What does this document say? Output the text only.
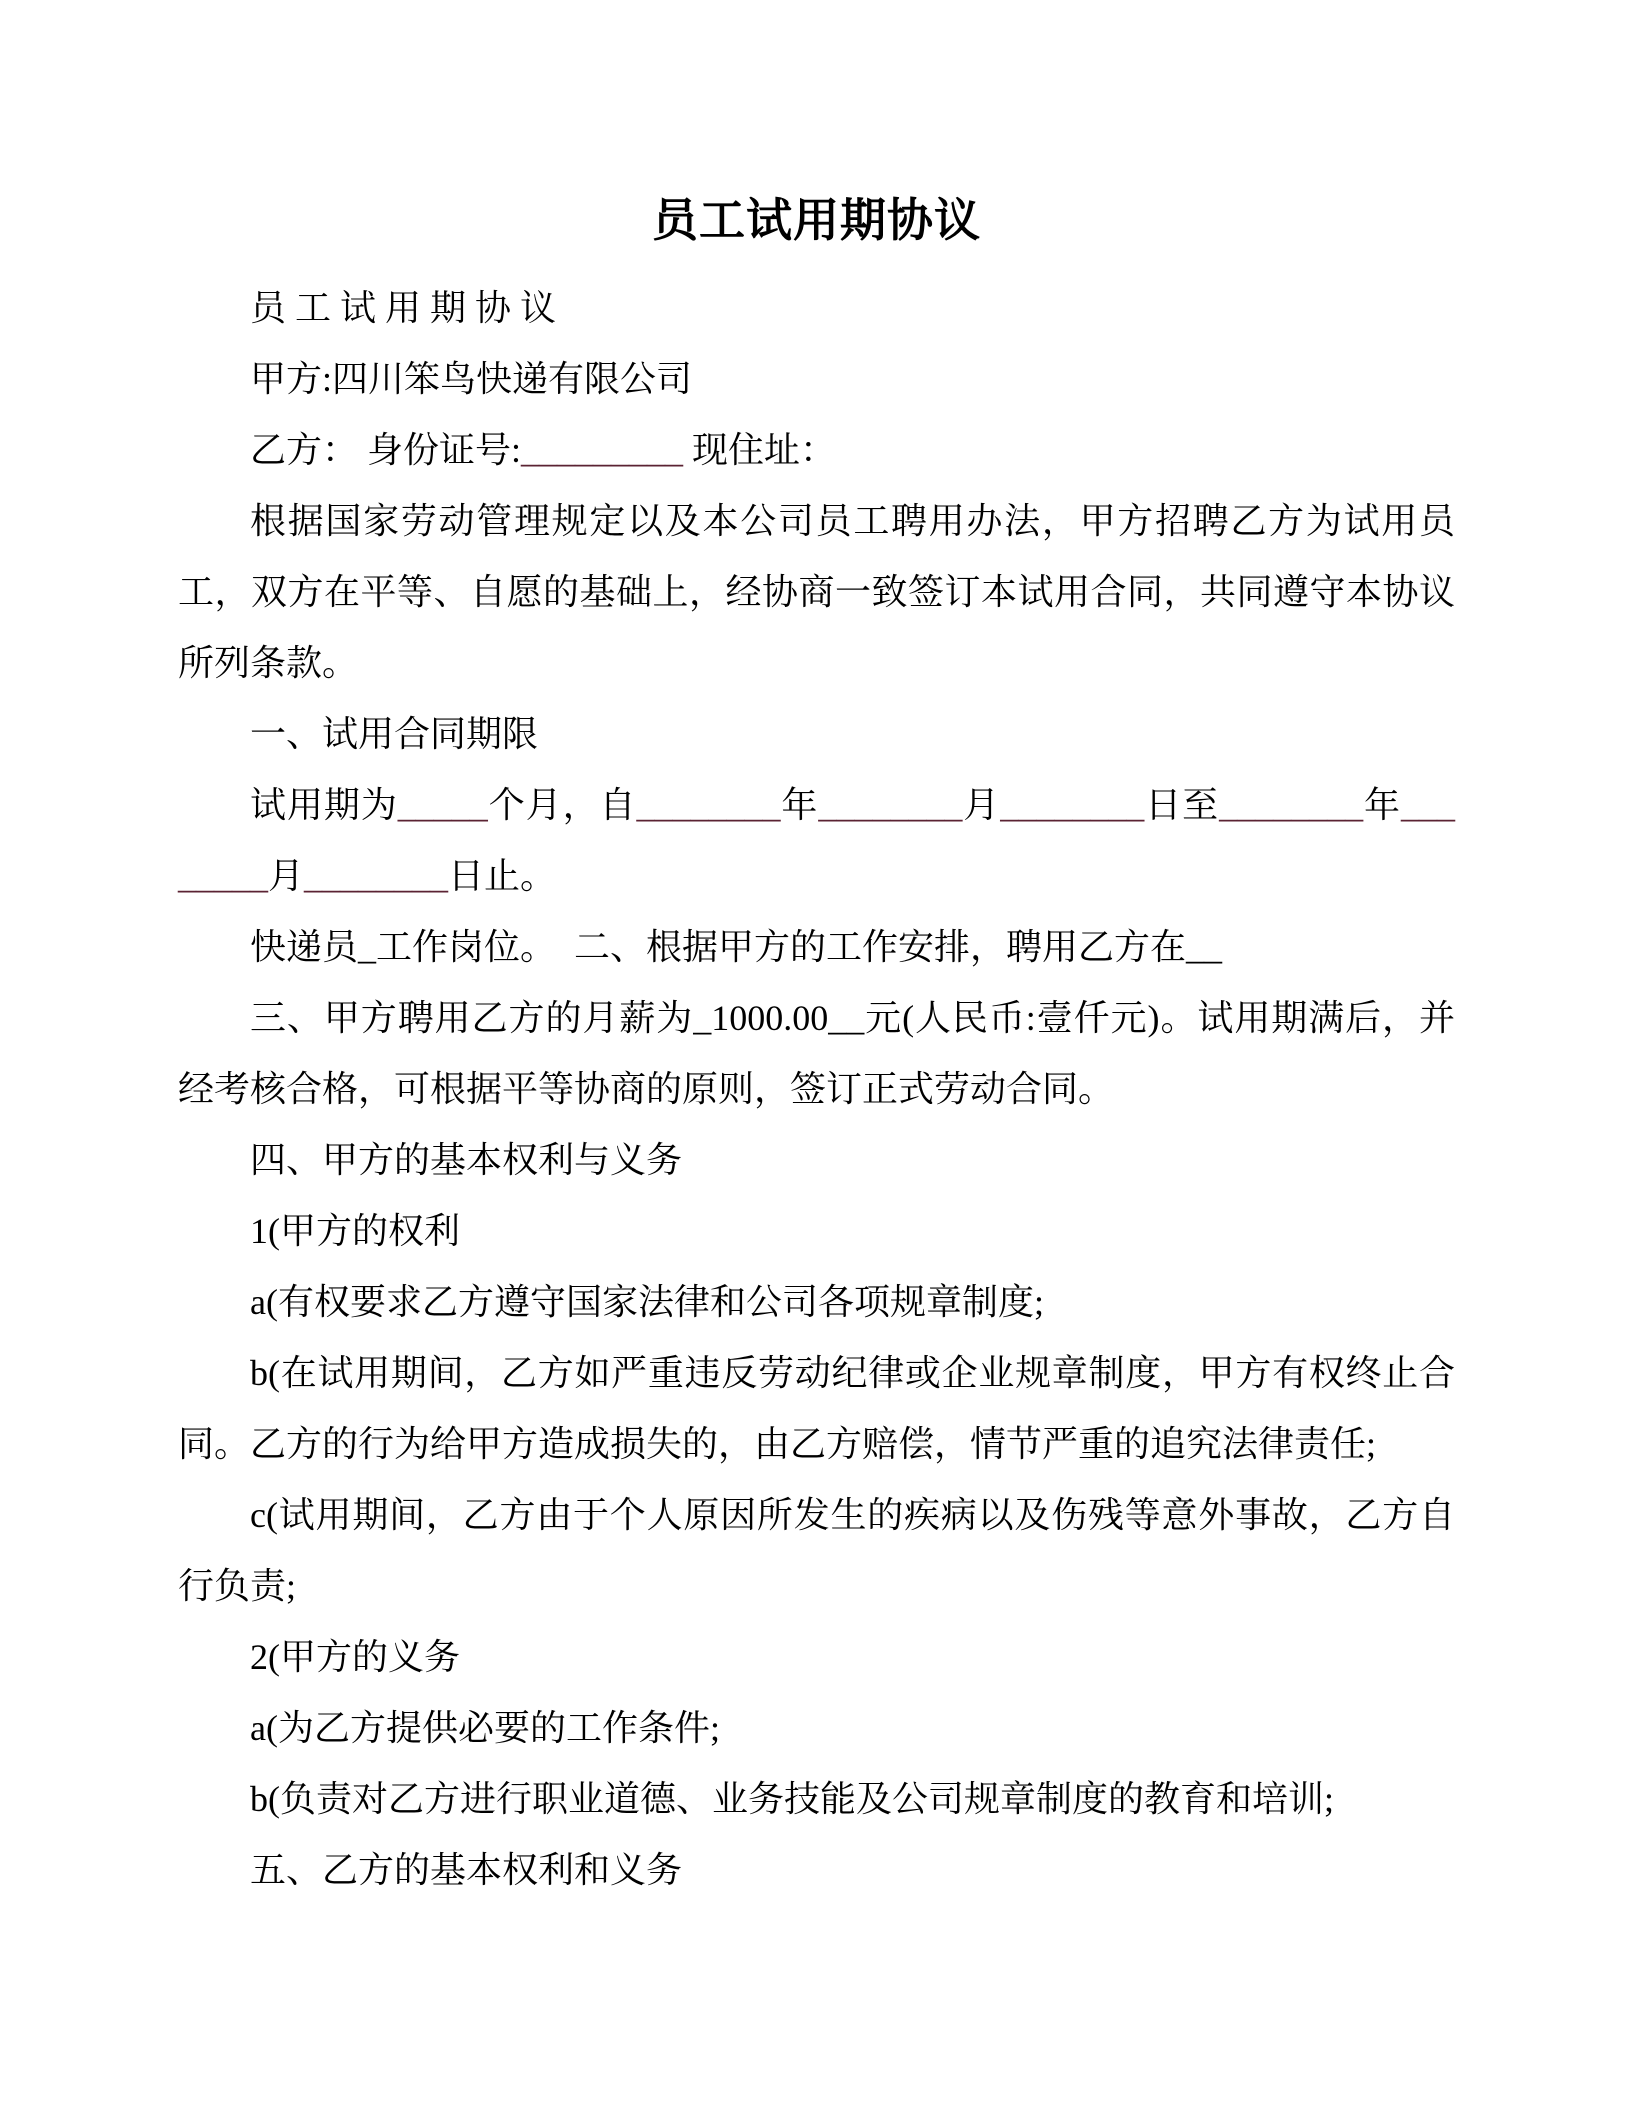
员工试用期协议
员 工 试 用 期 协 议
甲方:四川笨鸟快递有限公司
乙方： 身份证号:_________ 现住址：
根据国家劳动管理规定以及本公司员工聘用办法，甲方招聘乙方为试用员工，双方在平等、自愿的基础上，经协商一致签订本试用合同，共同遵守本协议所列条款。
一、试用合同期限
试用期为_____个月，自________年________月________日至________年________月________日止。
快递员_工作岗位。　二、根据甲方的工作安排，聘用乙方在__
三、甲方聘用乙方的月薪为_1000.00__元(人民币:壹仟元)。试用期满后，并经考核合格，可根据平等协商的原则，签订正式劳动合同。
四、甲方的基本权利与义务
1(甲方的权利
a(有权要求乙方遵守国家法律和公司各项规章制度;
b(在试用期间，乙方如严重违反劳动纪律或企业规章制度，甲方有权终止合同。乙方的行为给甲方造成损失的，由乙方赔偿，情节严重的追究法律责任;
c(试用期间，乙方由于个人原因所发生的疾病以及伤残等意外事故，乙方自行负责;
2(甲方的义务
a(为乙方提供必要的工作条件;
b(负责对乙方进行职业道德、业务技能及公司规章制度的教育和培训;
五、乙方的基本权利和义务
